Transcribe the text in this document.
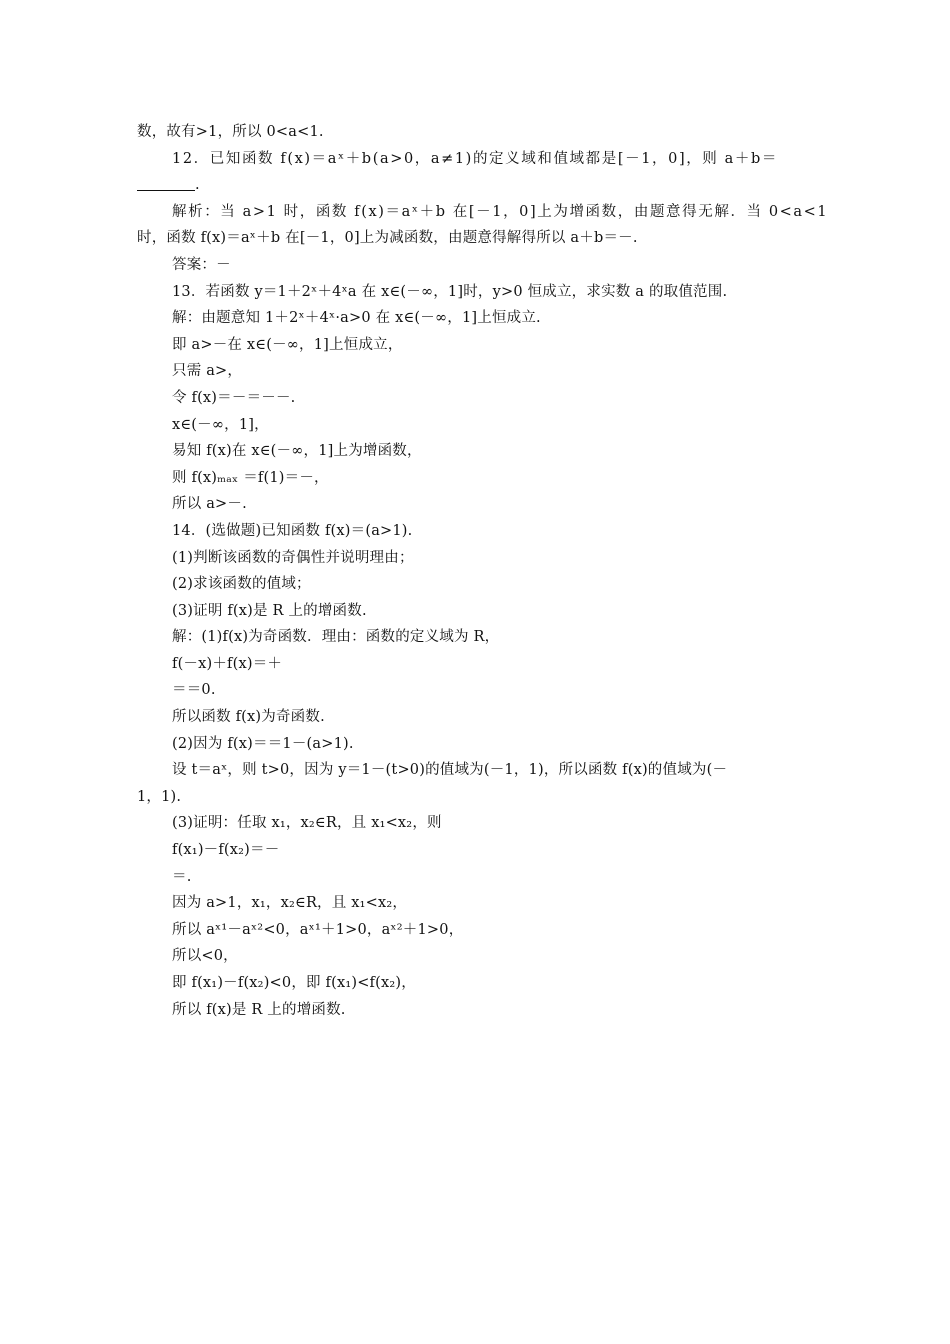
数，故有>1，所以 0<a<1.
12．已知函数 f(x)＝aˣ＋b(a>0，a≠1)的定义域和值域都是[－1，0]，则 a＋b＝
.
解析：当 a>1 时，函数 f(x)＝aˣ＋b 在[－1，0]上为增函数，由题意得无解．当 0<a<1
时，函数 f(x)＝aˣ＋b 在[－1，0]上为减函数，由题意得解得所以 a＋b＝－.
答案：－
13．若函数 y＝1＋2ˣ＋4ˣa 在 x∈(－∞，1]时，y>0 恒成立，求实数 a 的取值范围.
解：由题意知 1＋2ˣ＋4ˣ·a>0 在 x∈(－∞，1]上恒成立.
即 a>－在 x∈(－∞，1]上恒成立，
只需 a>，
令 f(x)＝－＝－－.
x∈(－∞，1]，
易知 f(x)在 x∈(－∞，1]上为增函数，
则 f(x)ₘₐₓ ＝f(1)＝－，
所以 a>－.
14．(选做题)已知函数 f(x)＝(a>1).
(1)判断该函数的奇偶性并说明理由；
(2)求该函数的值域；
(3)证明 f(x)是 R 上的增函数.
解：(1)f(x)为奇函数．理由：函数的定义域为 R，
f(－x)＋f(x)＝＋
＝＝0.
所以函数 f(x)为奇函数.
(2)因为 f(x)＝＝1－(a>1).
设 t＝aˣ，则 t>0，因为 y＝1－(t>0)的值域为(－1，1)，所以函数 f(x)的值域为(－
1，1).
(3)证明：任取 x₁，x₂∈R，且 x₁<x₂，则
f(x₁)－f(x₂)＝－
＝.
因为 a>1，x₁，x₂∈R，且 x₁<x₂，
所以 aˣ¹－aˣ²<0，aˣ¹＋1>0，aˣ²＋1>0，
所以<0，
即 f(x₁)－f(x₂)<0，即 f(x₁)<f(x₂)，
所以 f(x)是 R 上的增函数.
